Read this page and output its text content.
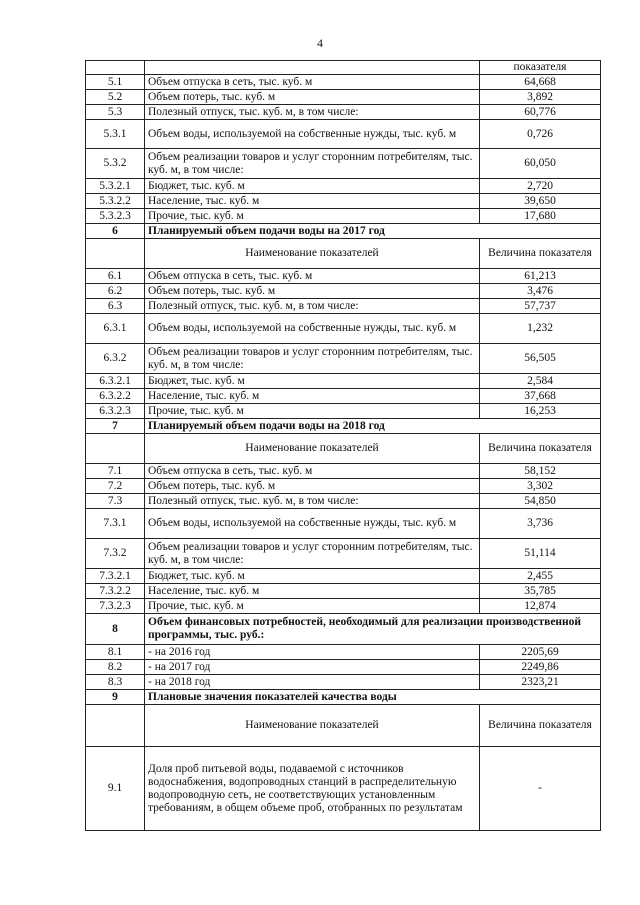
4
		показателя
5.1	Объем отпуска в сеть, тыс. куб. м	64,668
5.2	Объем потерь, тыс. куб. м	3,892
5.3	Полезный отпуск, тыс. куб. м, в том числе:	60,776
5.3.1	Объем воды, используемой на собственные нужды, тыс. куб. м	0,726
5.3.2	Объем реализации товаров и услуг сторонним потребителям, тыс. куб. м, в том числе:	60,050
5.3.2.1	Бюджет, тыс. куб. м	2,720
5.3.2.2	Население, тыс. куб. м	39,650
5.3.2.3	Прочие, тыс. куб. м	17,680
6	Планируемый объем подачи воды на 2017 год	
	Наименование показателей	Величина показателя
6.1	Объем отпуска в сеть, тыс. куб. м	61,213
6.2	Объем потерь, тыс. куб. м	3,476
6.3	Полезный отпуск, тыс. куб. м, в том числе:	57,737
6.3.1	Объем воды, используемой на собственные нужды, тыс. куб. м	1,232
6.3.2	Объем реализации товаров и услуг сторонним потребителям, тыс. куб. м, в том числе:	56,505
6.3.2.1	Бюджет, тыс. куб. м	2,584
6.3.2.2	Население, тыс. куб. м	37,668
6.3.2.3	Прочие, тыс. куб. м	16,253
7	Планируемый объем подачи воды на 2018 год	
	Наименование показателей	Величина показателя
7.1	Объем отпуска в сеть, тыс. куб. м	58,152
7.2	Объем потерь, тыс. куб. м	3,302
7.3	Полезный отпуск, тыс. куб. м, в том числе:	54,850
7.3.1	Объем воды, используемой на собственные нужды, тыс. куб. м	3,736
7.3.2	Объем реализации товаров и услуг сторонним потребителям, тыс. куб. м, в том числе:	51,114
7.3.2.1	Бюджет, тыс. куб. м	2,455
7.3.2.2	Население, тыс. куб. м	35,785
7.3.2.3	Прочие, тыс. куб. м	12,874
8	Объем финансовых потребностей, необходимый для реализации производственной программы, тыс. руб.:	
8.1	- на 2016 год	2205,69
8.2	- на 2017 год	2249,86
8.3	- на 2018 год	2323,21
9	Плановые значения показателей качества воды	
	Наименование показателей	Величина показателя
9.1	Доля проб питьевой воды, подаваемой с источников водоснабжения, водопроводных станций в распределительную водопроводную сеть, не соответствующих установленным требованиям, в общем объеме проб, отобранных по результатам	-
